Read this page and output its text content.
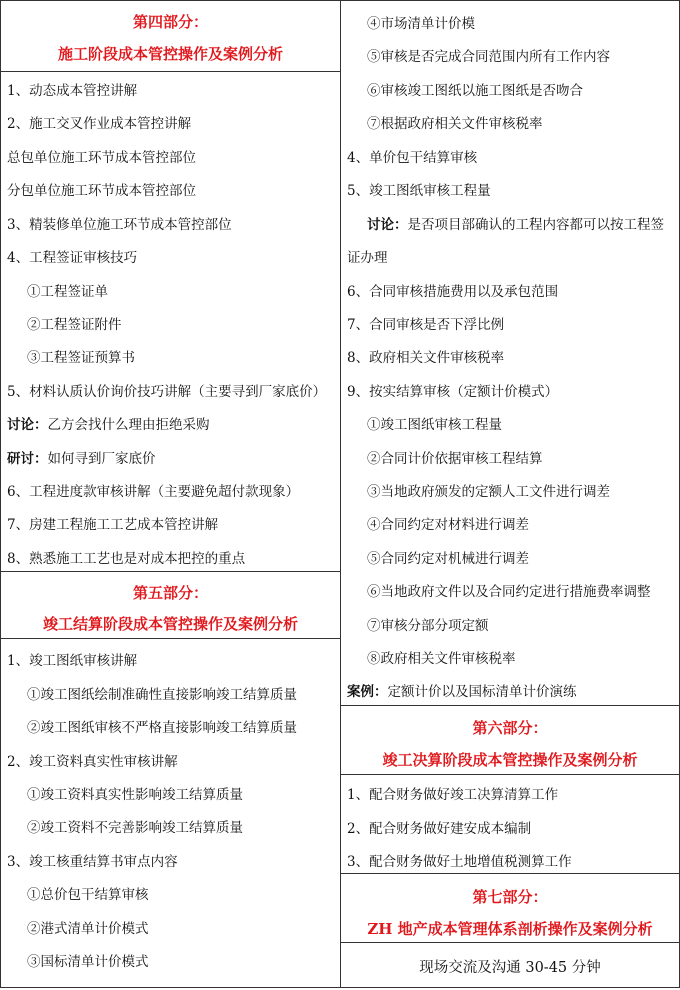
第四部分：
施工阶段成本管控操作及案例分析
1、动态成本管控讲解
2、施工交叉作业成本管控讲解
总包单位施工环节成本管控部位
分包单位施工环节成本管控部位
3、精装修单位施工环节成本管控部位
4、工程签证审核技巧
①工程签证单
②工程签证附件
③工程签证预算书
5、材料认质认价询价技巧讲解（主要寻到厂家底价）
讨论：乙方会找什么理由拒绝采购
研讨：如何寻到厂家底价
6、工程进度款审核讲解（主要避免超付款现象）
7、房建工程施工工艺成本管控讲解
8、熟悉施工工艺也是对成本把控的重点
第五部分：
竣工结算阶段成本管控操作及案例分析
1、竣工图纸审核讲解
①竣工图纸绘制准确性直接影响竣工结算质量
②竣工图纸审核不严格直接影响竣工结算质量
2、竣工资料真实性审核讲解
①竣工资料真实性影响竣工结算质量
②竣工资料不完善影响竣工结算质量
3、竣工核重结算书审点内容
①总价包干结算审核
②港式清单计价模式
③国标清单计价模式
④市场清单计价模
⑤审核是否完成合同范围内所有工作内容
⑥审核竣工图纸以施工图纸是否吻合
⑦根据政府相关文件审核税率
4、单价包干结算审核
5、竣工图纸审核工程量
讨论：是否项目部确认的工程内容都可以按工程签
证办理
6、合同审核措施费用以及承包范围
7、合同审核是否下浮比例
8、政府相关文件审核税率
9、按实结算审核（定额计价模式）
①竣工图纸审核工程量
②合同计价依据审核工程结算
③当地政府颁发的定额人工文件进行调差
④合同约定对材料进行调差
⑤合同约定对机械进行调差
⑥当地政府文件以及合同约定进行措施费率调整
⑦审核分部分项定额
⑧政府相关文件审核税率
案例：定额计价以及国标清单计价演练
第六部分：
竣工决算阶段成本管控操作及案例分析
1、配合财务做好竣工决算清算工作
2、配合财务做好建安成本编制
3、配合财务做好土地增值税测算工作
第七部分：
ZH 地产成本管理体系剖析操作及案例分析
现场交流及沟通 30-45 分钟
